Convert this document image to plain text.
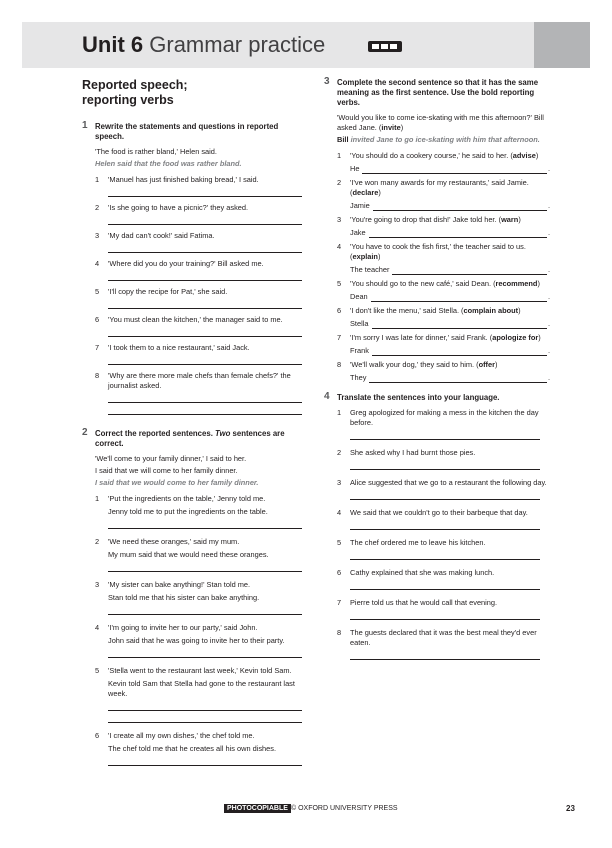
Unit 6 Grammar practice
Reported speech;
reporting verbs
1 Rewrite the statements and questions in reported speech.
'The food is rather bland,' Helen said.
Helen said that the food was rather bland.
1 'Manuel has just finished baking bread,' I said.
2 'Is she going to have a picnic?' they asked.
3 'My dad can't cook!' said Fatima.
4 'Where did you do your training?' Bill asked me.
5 'I'll copy the recipe for Pat,' she said.
6 'You must clean the kitchen,' the manager said to me.
7 'I took them to a nice restaurant,' said Jack.
8 'Why are there more male chefs than female chefs?' the journalist asked.
2 Correct the reported sentences. Two sentences are correct.
'We'll come to your family dinner,' I said to her.
I said that we will come to her family dinner.
I said that we would come to her family dinner.
1 'Put the ingredients on the table,' Jenny told me.
Jenny told me to put the ingredients on the table.
2 'We need these oranges,' said my mum.
My mum said that we would need these oranges.
3 'My sister can bake anything!' Stan told me.
Stan told me that his sister can bake anything.
4 'I'm going to invite her to our party,' said John.
John said that he was going to invite her to their party.
5 'Stella went to the restaurant last week,' Kevin told Sam.
Kevin told Sam that Stella had gone to the restaurant last week.
6 'I create all my own dishes,' the chef told me.
The chef told me that he creates all his own dishes.
3 Complete the second sentence so that it has the same meaning as the first sentence. Use the bold reporting verbs.
'Would you like to come ice-skating with me this afternoon?' Bill asked Jane. (invite)
Bill invited Jane to go ice-skating with him that afternoon.
1 'You should do a cookery course,' he said to her. (advise)
He	.
2 'I've won many awards for my restaurants,' said Jamie. (declare)
Jamie	.
3 'You're going to drop that dish!' Jake told her. (warn)
Jake	.
4 'You have to cook the fish first,' the teacher said to us. (explain)
The teacher	.
5 'You should go to the new café,' said Dean. (recommend)
Dean	.
6 'I don't like the menu,' said Stella. (complain about)
Stella	.
7 'I'm sorry I was late for dinner,' said Frank. (apologize for)
Frank	.
8 'We'll walk your dog,' they said to him. (offer)
They	.
4 Translate the sentences into your language.
1 Greg apologized for making a mess in the kitchen the day before.
2 She asked why I had burnt those pies.
3 Alice suggested that we go to a restaurant the following day.
4 We said that we couldn't go to their barbeque that day.
5 The chef ordered me to leave his kitchen.
6 Cathy explained that she was making lunch.
7 Pierre told us that he would call that evening.
8 The guests declared that it was the best meal they'd ever eaten.
PHOTOCOPIABLE © OXFORD UNIVERSITY PRESS	23
